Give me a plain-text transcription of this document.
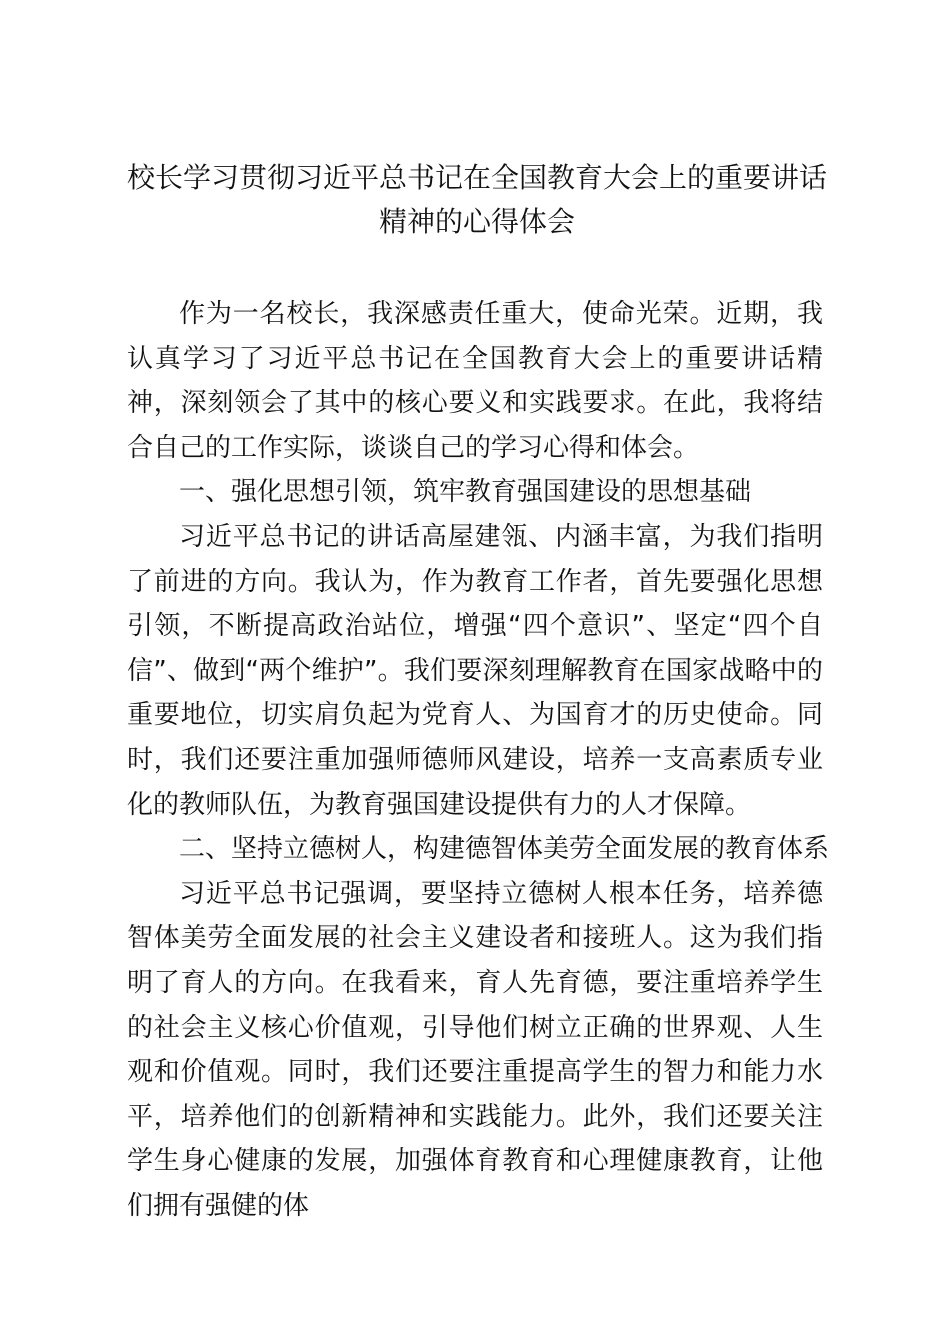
校长学习贯彻习近平总书记在全国教育大会上的重要讲话精神的心得体会

作为一名校长，我深感责任重大，使命光荣。近期，我认真学习了习近平总书记在全国教育大会上的重要讲话精神，深刻领会了其中的核心要义和实践要求。在此，我将结合自己的工作实际，谈谈自己的学习心得和体会。

一、强化思想引领，筑牢教育强国建设的思想基础

习近平总书记的讲话高屋建瓴、内涵丰富，为我们指明了前进的方向。我认为，作为教育工作者，首先要强化思想引领，不断提高政治站位，增强“四个意识”、坚定“四个自信”、做到“两个维护”。我们要深刻理解教育在国家战略中的重要地位，切实肩负起为党育人、为国育才的历史使命。同时，我们还要注重加强师德师风建设，培养一支高素质专业化的教师队伍，为教育强国建设提供有力的人才保障。

二、坚持立德树人，构建德智体美劳全面发展的教育体系

习近平总书记强调，要坚持立德树人根本任务，培养德智体美劳全面发展的社会主义建设者和接班人。这为我们指明了育人的方向。在我看来，育人先育德，要注重培养学生的社会主义核心价值观，引导他们树立正确的世界观、人生观和价值观。同时，我们还要注重提高学生的智力和能力水平，培养他们的创新精神和实践能力。此外，我们还要关注学生身心健康的发展，加强体育教育和心理健康教育，让他们拥有强健的体
